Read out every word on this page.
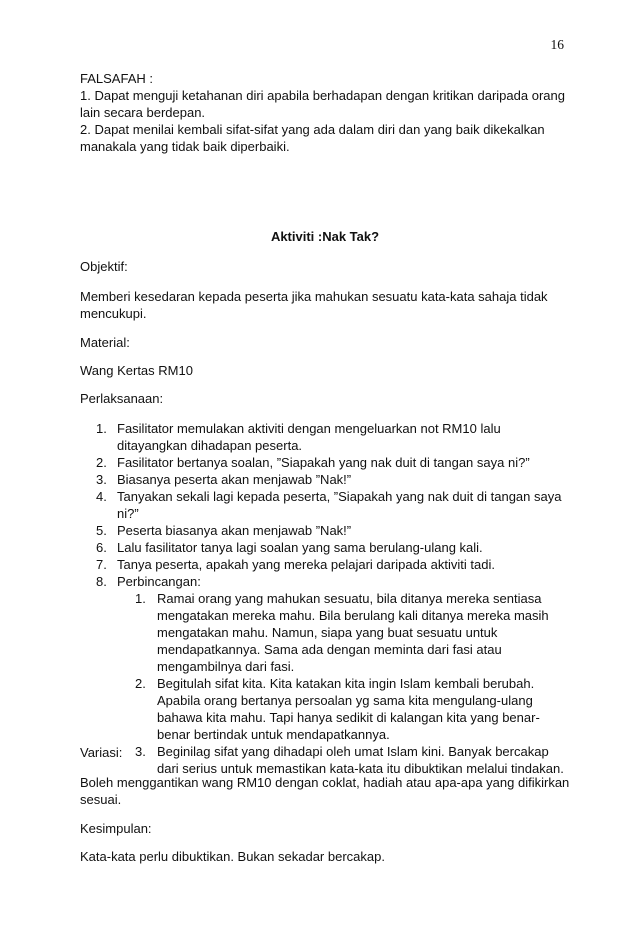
16

FALSAFAH :

1. Dapat menguji ketahanan diri apabila berhadapan dengan kritikan daripada orang lain secara berdepan.

2. Dapat menilai kembali sifat-sifat yang ada dalam diri dan yang baik dikekalkan manakala yang tidak baik diperbaiki.

Aktiviti :Nak Tak?
Objektif:
Memberi kesedaran kepada peserta jika mahukan sesuatu kata-kata sahaja tidak mencukupi.
Material:
Wang Kertas RM10
Perlaksanaan:
1. Fasilitator memulakan aktiviti dengan mengeluarkan not RM10 lalu ditayangkan dihadapan peserta.
2. Fasilitator bertanya soalan, ”Siapakah yang nak duit di tangan saya ni?”
3. Biasanya peserta akan menjawab ”Nak!”
4. Tanyakan sekali lagi kepada peserta, ”Siapakah yang nak duit di tangan saya ni?”
5. Peserta biasanya akan menjawab ”Nak!”
6. Lalu fasilitator tanya lagi soalan yang sama berulang-ulang kali.
7. Tanya peserta, apakah yang mereka pelajari daripada aktiviti tadi.
8. Perbincangan:
1. Ramai orang yang mahukan sesuatu, bila ditanya mereka sentiasa mengatakan mereka mahu. Bila berulang kali ditanya mereka masih mengatakan mahu. Namun, siapa yang buat sesuatu untuk mendapatkannya. Sama ada dengan meminta dari fasi atau mengambilnya dari fasi.
2. Begitulah sifat kita. Kita katakan kita ingin Islam kembali berubah. Apabila orang bertanya persoalan yg sama kita mengulang-ulang bahawa kita mahu. Tapi hanya sedikit di kalangan kita yang benar-benar bertindak untuk mendapatkannya.
3. Beginilag sifat yang dihadapi oleh umat Islam kini. Banyak bercakap dari serius untuk memastikan kata-kata itu dibuktikan melalui tindakan.
Variasi:
Boleh menggantikan wang RM10 dengan coklat, hadiah atau apa-apa yang difikirkan sesuai.
Kesimpulan:
Kata-kata perlu dibuktikan. Bukan sekadar bercakap.
